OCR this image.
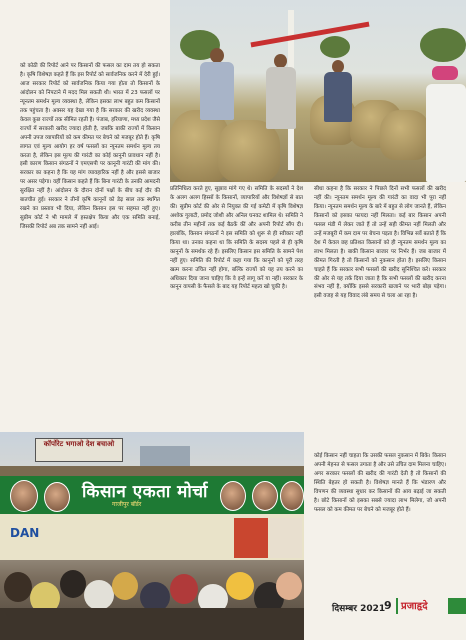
को कोठी की रिपोर्ट आने पर किसानों की फसल का दाम तय हो सकता है। कृषि विशेषज्ञ कहते हैं कि इस रिपोर्ट को सार्वजनिक करने में देरी हुई। आज सरकार रिपोर्ट को सार्वजनिक किया गया होता तो किसानों के आंदोलन को निपटाने में मदद मिल सकती थी। भारत में 23 फसलों पर न्यूनतम समर्थन मूल्य व्यवस्था है, लेकिन इसका लाभ बहुत कम किसानों तक पहुंचता है। अक्सर यह देखा गया है कि सरकार की खरीद व्यवस्था केवल कुछ राज्यों तक सीमित रहती है। पंजाब, हरियाणा, मध्य प्रदेश जैसे राज्यों में सरकारी खरीद ज्यादा होती है, जबकि बाकी राज्यों में किसान अपनी उपज व्यापारियों को कम कीमत पर बेचने को मजबूर होते हैं। कृषि लागत एवं मूल्य आयोग हर वर्ष फसलों का न्यूनतम समर्थन मूल्य तय करता है, लेकिन इस मूल्य की गारंटी का कोई कानूनी प्रावधान नहीं है। इसी कारण किसान संगठनों ने एमएसपी पर कानूनी गारंटी की मांग की। सरकार का कहना है कि यह मांग व्यावहारिक नहीं है और इससे बाजार पर असर पड़ेगा। वहीं किसान कहते हैं कि बिना गारंटी के उनकी आमदनी सुरक्षित नहीं है। आंदोलन के दौरान दोनों पक्षों के बीच कई दौर की बातचीत हुई। सरकार ने तीनों कृषि कानूनों को डेढ़ साल तक स्थगित रखने का प्रस्ताव भी दिया, लेकिन किसान इस पर सहमत नहीं हुए। सुप्रीम कोर्ट ने भी मामले में हस्तक्षेप किया और एक समिति बनाई, जिसकी रिपोर्ट अब तक सामने नहीं आई।

प्रतिनिधित्व करते हुए, सुझाव मांगे गए थे। समिति के सदस्यों ने देश के अलग अलग हिस्सों के किसानों, व्यापारियों और विशेषज्ञों से बात की। सुप्रीम कोर्ट की ओर से नियुक्त की गई कमेटी में कृषि विशेषज्ञ अशोक गुलाटी, प्रमोद जोशी और अनिल घनवट शामिल थे। समिति ने करीब तीन महीनों तक कई बैठकें कीं और अपनी रिपोर्ट सौंप दी। हालांकि, किसान संगठनों ने इस समिति को शुरू से ही स्वीकार नहीं किया था। उनका कहना था कि समिति के सदस्य पहले से ही कृषि कानूनों के समर्थक रहे हैं। इसलिए किसान इस समिति के सामने पेश नहीं हुए। समिति की रिपोर्ट में कहा गया कि कानूनों को पूरी तरह खत्म करना उचित नहीं होगा, बल्कि राज्यों को यह तय करने का अधिकार दिया जाना चाहिए कि वे इन्हें लागू करें या नहीं। सरकार के कानून वापसी के फैसले के बाद यह रिपोर्ट महत्व खो चुकी है।

सीधा कहना है कि सरकार ने पिछले दिनों सभी फसलों की खरीद नहीं की। न्यूनतम समर्थन मूल्य की गारंटी का वादा भी पूरा नहीं किया। न्यूनतम समर्थन मूल्य के बारे में बहुत से लोग जानते हैं, लेकिन किसानों को इसका फायदा नहीं मिलता। कई बार किसान अपनी फसल मंडी में लेकर जाते हैं तो उन्हें सही कीमत नहीं मिलती और उन्हें मजबूरी में कम दाम पर बेचना पड़ता है। विभिन्न सर्वे बताते हैं कि देश में केवल छह प्रतिशत किसानों को ही न्यूनतम समर्थन मूल्य का लाभ मिलता है। बाकी किसान बाजार पर निर्भर हैं। जब बाजार में कीमत गिरती है तो किसानों को नुकसान होता है। इसलिए किसान चाहते हैं कि सरकार सभी फसलों की खरीद सुनिश्चित करे। सरकार की ओर से यह तर्क दिया जाता है कि सभी फसलों की खरीद करना संभव नहीं है, क्योंकि इससे सरकारी खजाने पर भारी बोझ पड़ेगा। इसी वजह से यह विवाद लंबे समय से चला आ रहा है।

कोई किसान नहीं चाहता कि उसकी फसल नुकसान में बिके। किसान अपनी मेहनत से फसल उगाता है और उसे उचित दाम मिलना चाहिए। अगर सरकार फसलों की खरीद की गारंटी देती है तो किसानों की स्थिति बेहतर हो सकती है। विशेषज्ञ मानते हैं कि भंडारण और विपणन की व्यवस्था सुधार कर किसानों की आय बढ़ाई जा सकती है। छोटे किसानों को इसका सबसे ज्यादा लाभ मिलेगा, जो अपनी फसल को कम कीमत पर बेचने को मजबूर होते हैं।

कॉर्पोरेट भगाओ देश बचाओ
किसान एकता मोर्चा
गाजीपुर बॉर्डर
DAN
दिसम्बर 2021
9 प्रजाहृदे
